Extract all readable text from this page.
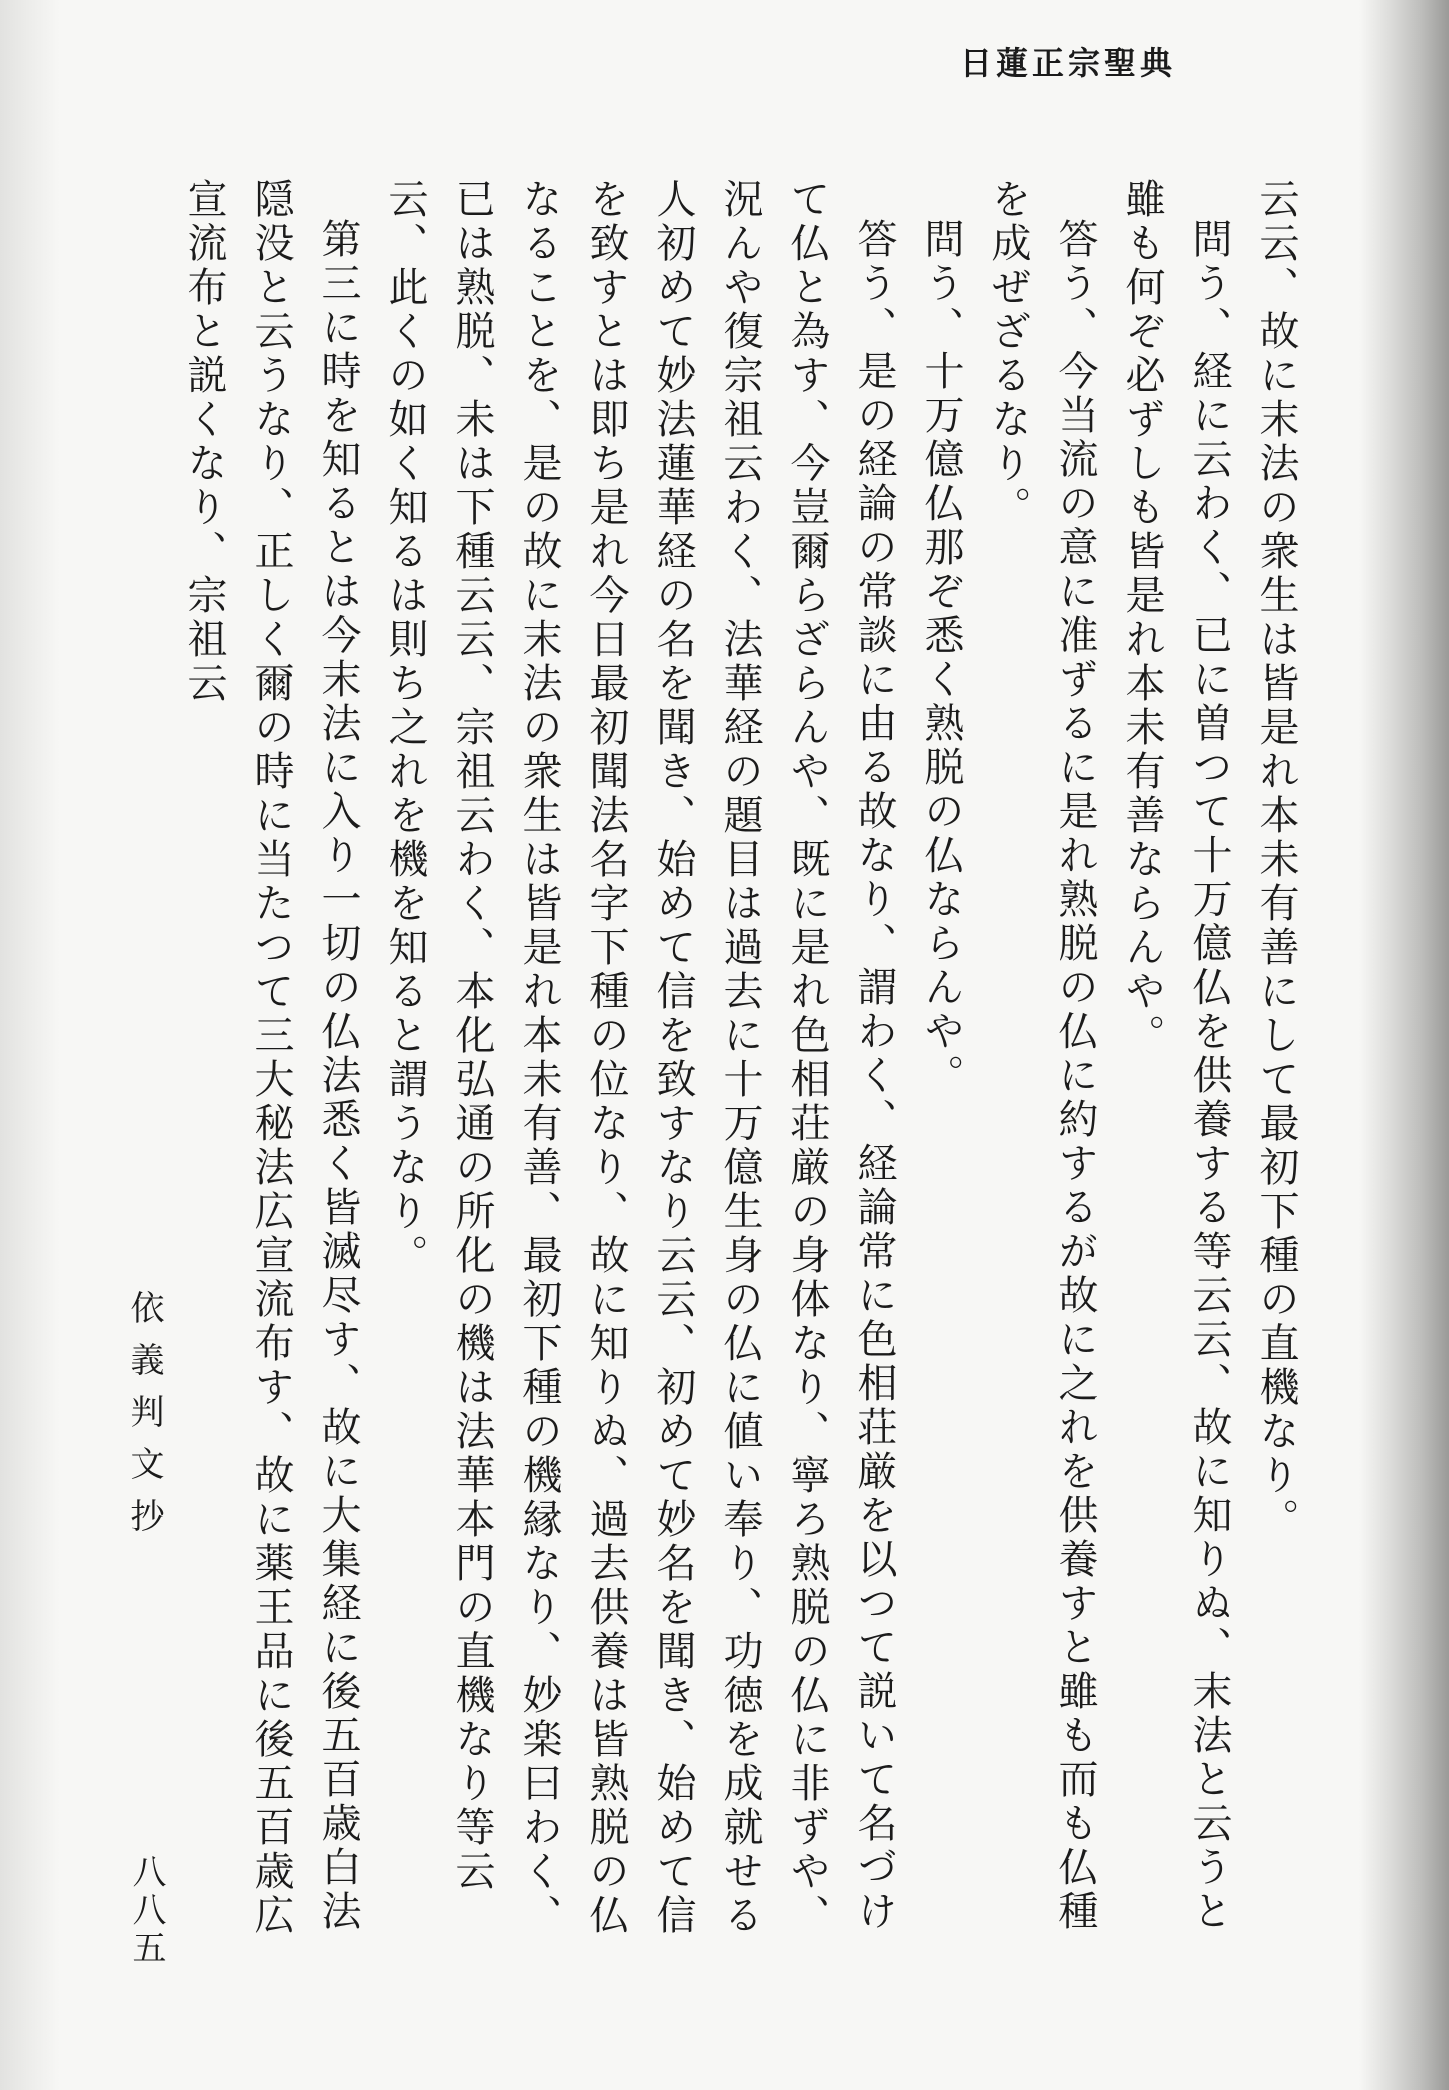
日蓮正宗聖典

云云、故に末法の衆生は皆是れ本未有善にして最初下種の直機なり。

問う、経に云わく、已に曽つて十万億仏を供養する等云云、故に知りぬ、末法と云うと雖も何ぞ必ずしも皆是れ本未有善ならんや。

答う、今当流の意に准ずるに是れ熟脱の仏に約するが故に之れを供養すと雖も而も仏種を成ぜざるなり。

問う、十万億仏那ぞ悉く熟脱の仏ならんや。

答う、是の経論の常談に由る故なり、謂わく、経論常に色相荘厳を以つて説いて名づけて仏と為す、今豈爾らざらんや、既に是れ色相荘厳の身体なり、寧ろ熟脱の仏に非ずや、況んや復宗祖云わく、法華経の題目は過去に十万億生身の仏に値い奉り、功徳を成就せる人初めて妙法蓮華経の名を聞き、始めて信を致すなり云云、初めて妙名を聞き、始めて信を致すとは即ち是れ今日最初聞法名字下種の位なり、故に知りぬ、過去供養は皆熟脱の仏なることを、是の故に末法の衆生は皆是れ本未有善、最初下種の機縁なり、妙楽曰わく、已は熟脱、未は下種云云、宗祖云わく、本化弘通の所化の機は法華本門の直機なり等云云、此くの如く知るは則ち之れを機を知ると謂うなり。

第三に時を知るとは今末法に入り一切の仏法悉く皆滅尽す、故に大集経に後五百歳白法隠没と云うなり、正しく爾の時に当たつて三大秘法広宣流布す、故に薬王品に後五百歳広宣流布と説くなり、宗祖云

依義判文抄
八八五
